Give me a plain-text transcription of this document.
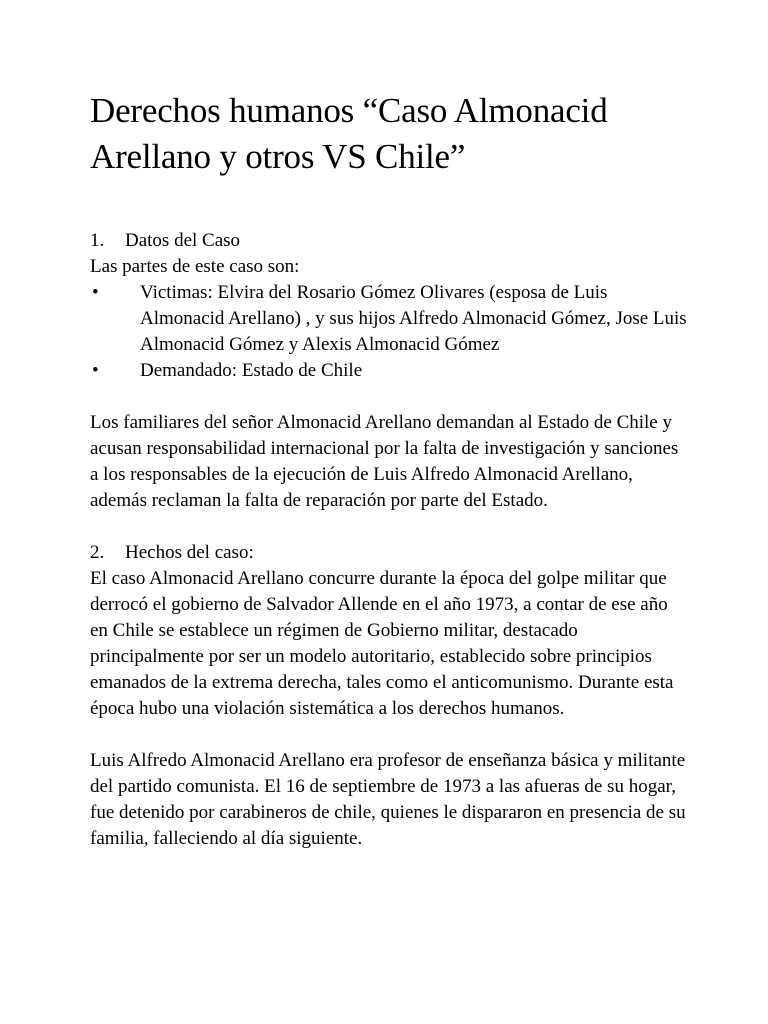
Derechos humanos “Caso Almonacid Arellano y otros VS Chile”
1. Datos del Caso

Las partes de este caso son:

• Victimas: Elvira del Rosario Gómez Olivares (esposa de Luis Almonacid Arellano) , y sus hijos Alfredo Almonacid Gómez, Jose Luis Almonacid Gómez y Alexis Almonacid Gómez
• Demandado: Estado de Chile

Los familiares del señor Almonacid Arellano demandan al Estado de Chile y acusan responsabilidad internacional por la falta de investigación y sanciones a los responsables de la ejecución de Luis Alfredo Almonacid Arellano, además reclaman la falta de reparación por parte del Estado.

2. Hechos del caso:

El caso Almonacid Arellano concurre durante la época del golpe militar que derrocó el gobierno de Salvador Allende en el año 1973, a contar de ese año en Chile se establece un régimen de Gobierno militar, destacado principalmente por ser un modelo autoritario, establecido sobre principios emanados de la extrema derecha, tales como el anticomunismo. Durante esta época hubo una violación sistemática a los derechos humanos.

Luis Alfredo Almonacid Arellano era profesor de enseñanza básica y militante del partido comunista. El 16 de septiembre de 1973 a las afueras de su hogar, fue detenido por carabineros de chile, quienes le dispararon en presencia de su familia, falleciendo al día siguiente.
